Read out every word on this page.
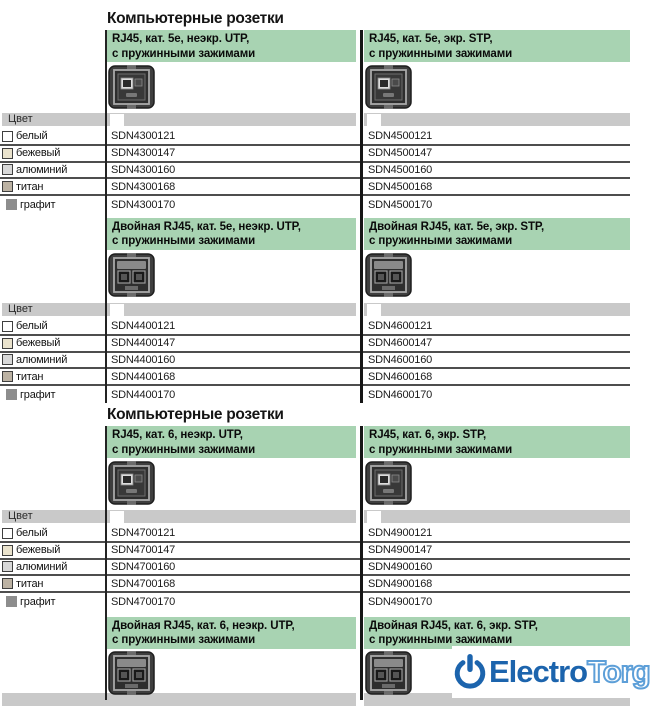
Компьютерные розетки
RJ45, кат. 5е, неэкр. UTP,
с пружинными зажимами
RJ45, кат. 5е, экр. STP,
с пружинными зажимами
Цвет
белый	SDN4300121	SDN4500121
бежевый	SDN4300147	SDN4500147
алюминий	SDN4300160	SDN4500160
титан	SDN4300168	SDN4500168
графит	SDN4300170	SDN4500170
Двойная RJ45, кат. 5е, неэкр. UTP,
с пружинными зажимами
Двойная RJ45, кат. 5е, экр. STP,
с пружинными зажимами
Цвет
белый	SDN4400121	SDN4600121
бежевый	SDN4400147	SDN4600147
алюминий	SDN4400160	SDN4600160
титан	SDN4400168	SDN4600168
графит	SDN4400170	SDN4600170
Компьютерные розетки
RJ45, кат. 6, неэкр. UTP,
с пружинными зажимами
RJ45, кат. 6, экр. STP,
с пружинными зажимами
Цвет
белый	SDN4700121	SDN4900121
бежевый	SDN4700147	SDN4900147
алюминий	SDN4700160	SDN4900160
титан	SDN4700168	SDN4900168
графит	SDN4700170	SDN4900170
Двойная RJ45, кат. 6, неэкр. UTP,
с пружинными зажимами
Двойная RJ45, кат. 6, экр. STP,
с пружинными зажимами
Electro Torg
